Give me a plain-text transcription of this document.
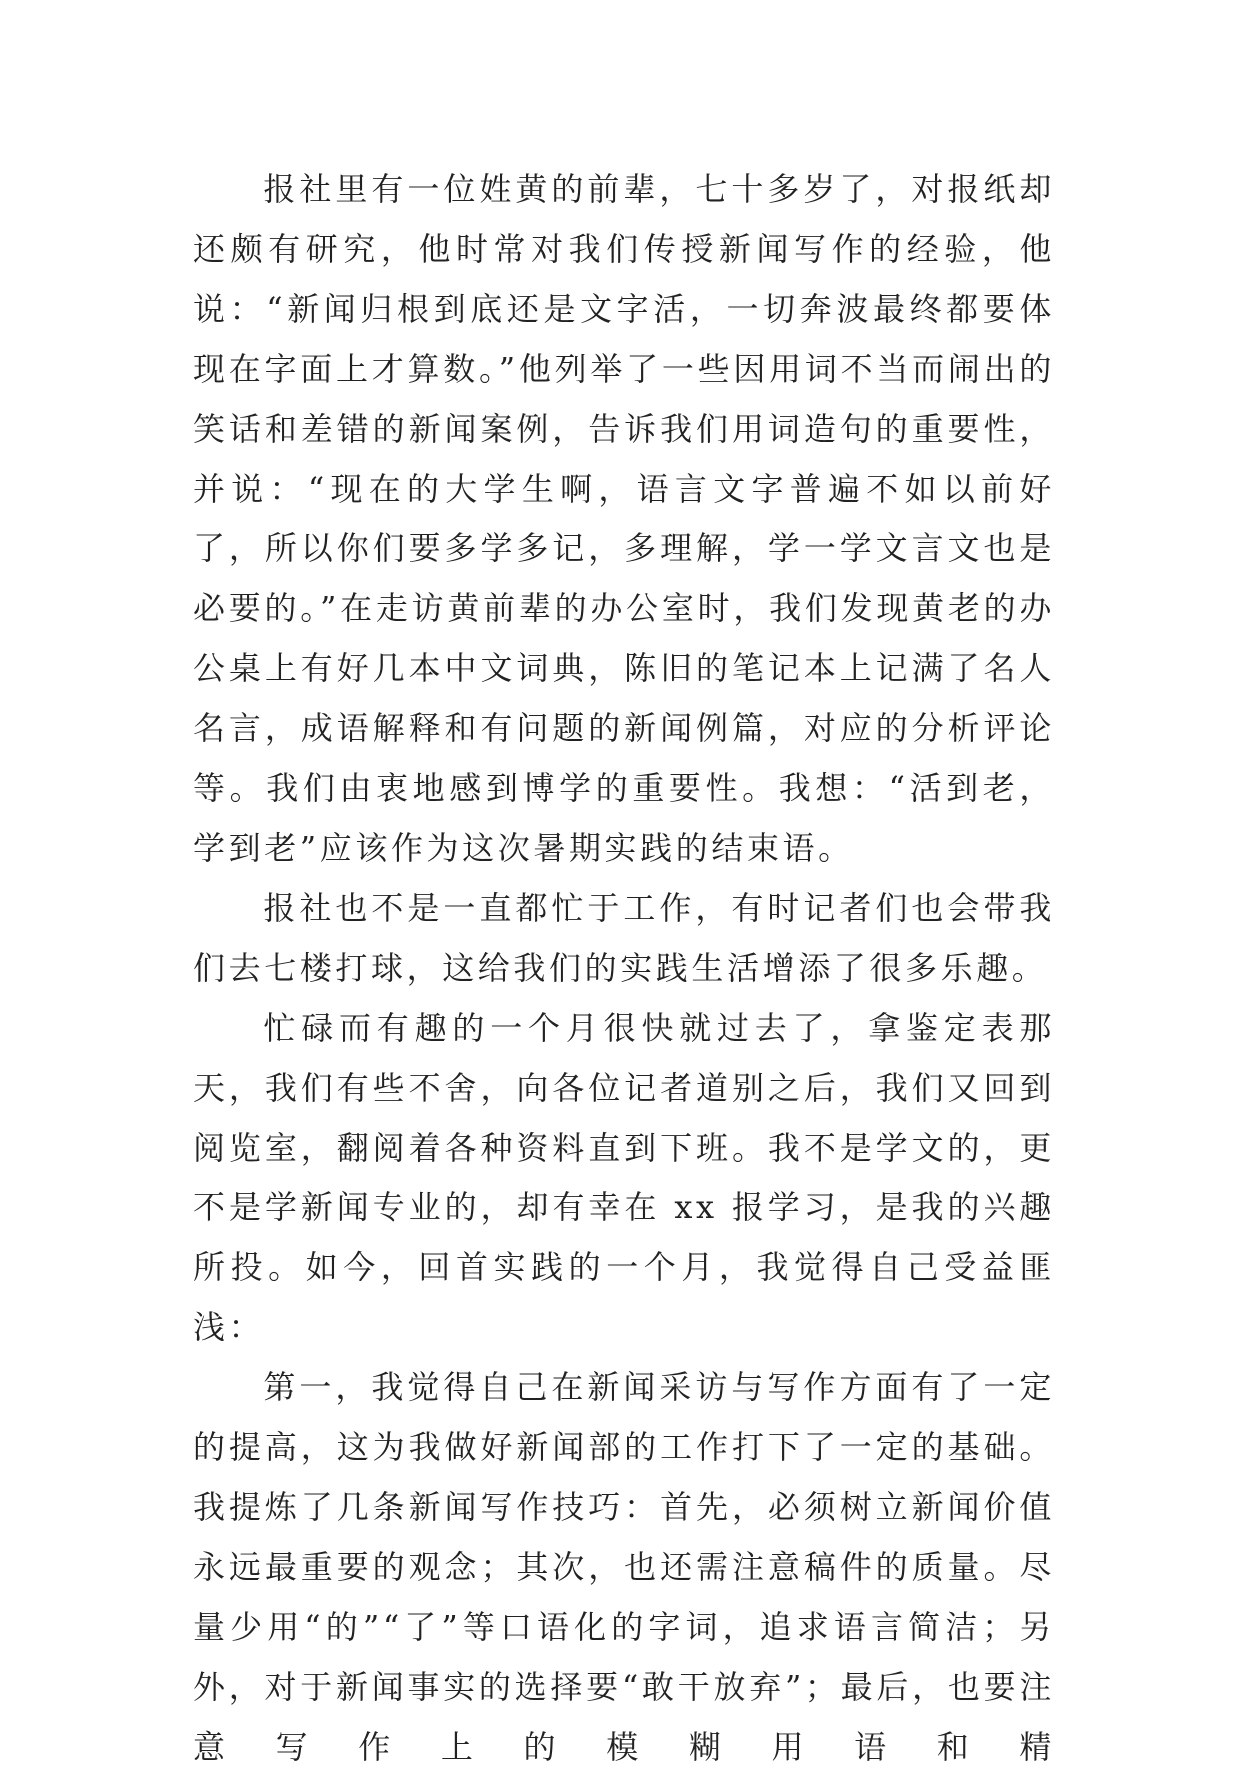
报社里有一位姓黄的前辈，七十多岁了，对报纸却还颇有研究，他时常对我们传授新闻写作的经验，他说：“新闻归根到底还是文字活，一切奔波最终都要体现在字面上才算数。”他列举了一些因用词不当而闹出的笑话和差错的新闻案例，告诉我们用词造句的重要性，并说：“现在的大学生啊，语言文字普遍不如以前好了，所以你们要多学多记，多理解，学一学文言文也是必要的。”在走访黄前辈的办公室时，我们发现黄老的办公桌上有好几本中文词典，陈旧的笔记本上记满了名人名言，成语解释和有问题的新闻例篇，对应的分析评论等。我们由衷地感到博学的重要性。我想：“活到老，学到老”应该作为这次暑期实践的结束语。

报社也不是一直都忙于工作，有时记者们也会带我们去七楼打球，这给我们的实践生活增添了很多乐趣。

忙碌而有趣的一个月很快就过去了，拿鉴定表那天，我们有些不舍，向各位记者道别之后，我们又回到阅览室，翻阅着各种资料直到下班。我不是学文的，更不是学新闻专业的，却有幸在 xx 报学习，是我的兴趣所投。如今，回首实践的一个月，我觉得自己受益匪浅：

第一，我觉得自己在新闻采访与写作方面有了一定的提高，这为我做好新闻部的工作打下了一定的基础。我提炼了几条新闻写作技巧：首先，必须树立新闻价值永远最重要的观念；其次，也还需注意稿件的质量。尽量少用“的”“了”等口语化的字词，追求语言简洁；另外，对于新闻事实的选择要“敢干放弃”；最后，也要注意写作上的模糊用语和精
